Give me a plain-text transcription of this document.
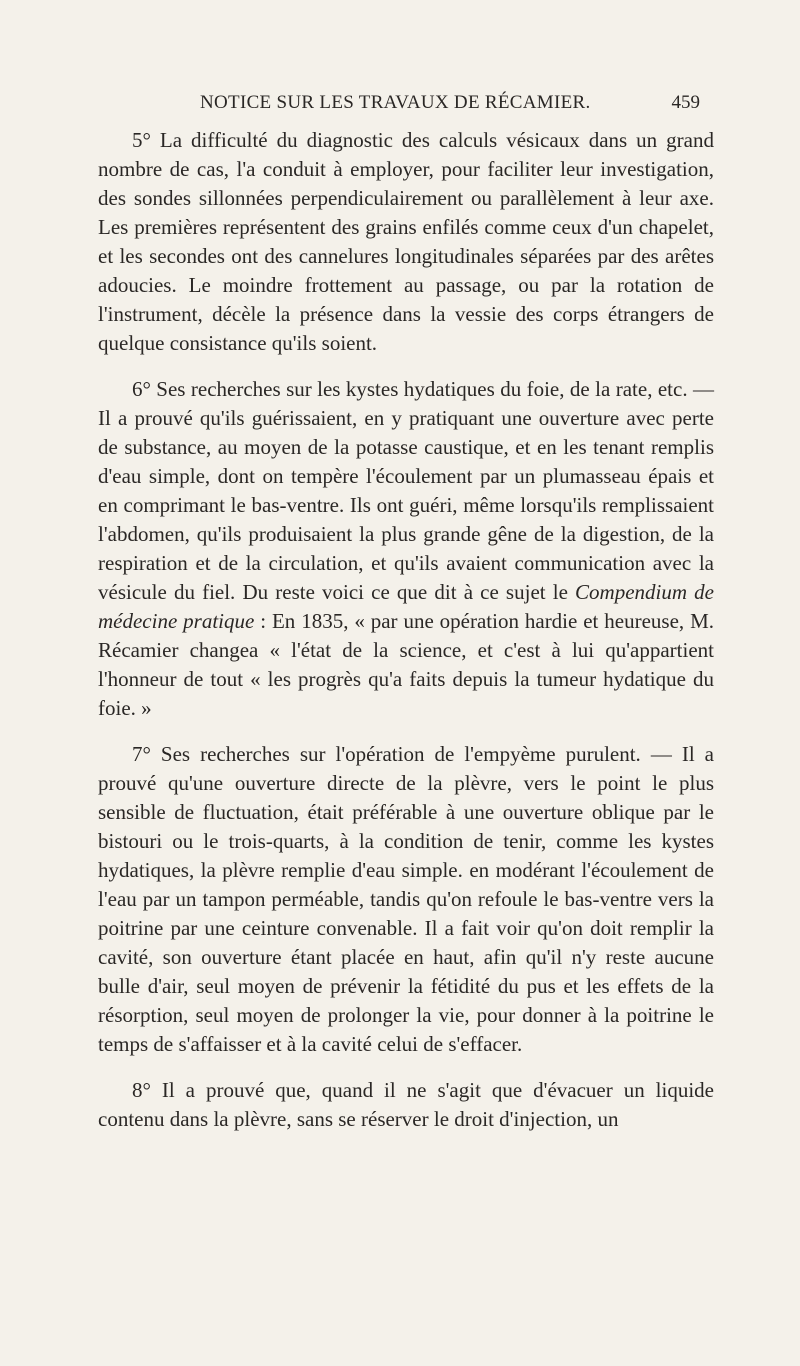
NOTICE SUR LES TRAVAUX DE RÉCAMIER.	459

5° La difficulté du diagnostic des calculs vésicaux dans un grand nombre de cas, l'a conduit à employer, pour faciliter leur investigation, des sondes sillonnées perpendiculairement ou parallèlement à leur axe. Les premières représentent des grains enfilés comme ceux d'un chapelet, et les secondes ont des cannelures longitudinales séparées par des arêtes adoucies. Le moindre frottement au passage, ou par la rotation de l'instrument, décèle la présence dans la vessie des corps étrangers de quelque consistance qu'ils soient.

6° Ses recherches sur les kystes hydatiques du foie, de la rate, etc. — Il a prouvé qu'ils guérissaient, en y pratiquant une ouverture avec perte de substance, au moyen de la potasse caustique, et en les tenant remplis d'eau simple, dont on tempère l'écoulement par un plumasseau épais et en comprimant le bas-ventre. Ils ont guéri, même lorsqu'ils remplissaient l'abdomen, qu'ils produisaient la plus grande gêne de la digestion, de la respiration et de la circulation, et qu'ils avaient communication avec la vésicule du fiel. Du reste voici ce que dit à ce sujet le Compendium de médecine pratique : En 1835, « par une opération hardie et heureuse, M. Récamier changea « l'état de la science, et c'est à lui qu'appartient l'honneur de tout « les progrès qu'a faits depuis la tumeur hydatique du foie. »

7° Ses recherches sur l'opération de l'empyème purulent. — Il a prouvé qu'une ouverture directe de la plèvre, vers le point le plus sensible de fluctuation, était préférable à une ouverture oblique par le bistouri ou le trois-quarts, à la condition de tenir, comme les kystes hydatiques, la plèvre remplie d'eau simple. en modérant l'écoulement de l'eau par un tampon perméable, tandis qu'on refoule le bas-ventre vers la poitrine par une ceinture convenable. Il a fait voir qu'on doit remplir la cavité, son ouverture étant placée en haut, afin qu'il n'y reste aucune bulle d'air, seul moyen de prévenir la fétidité du pus et les effets de la résorption, seul moyen de prolonger la vie, pour donner à la poitrine le temps de s'affaisser et à la cavité celui de s'effacer.

8° Il a prouvé que, quand il ne s'agit que d'évacuer un liquide contenu dans la plèvre, sans se réserver le droit d'injection, un
